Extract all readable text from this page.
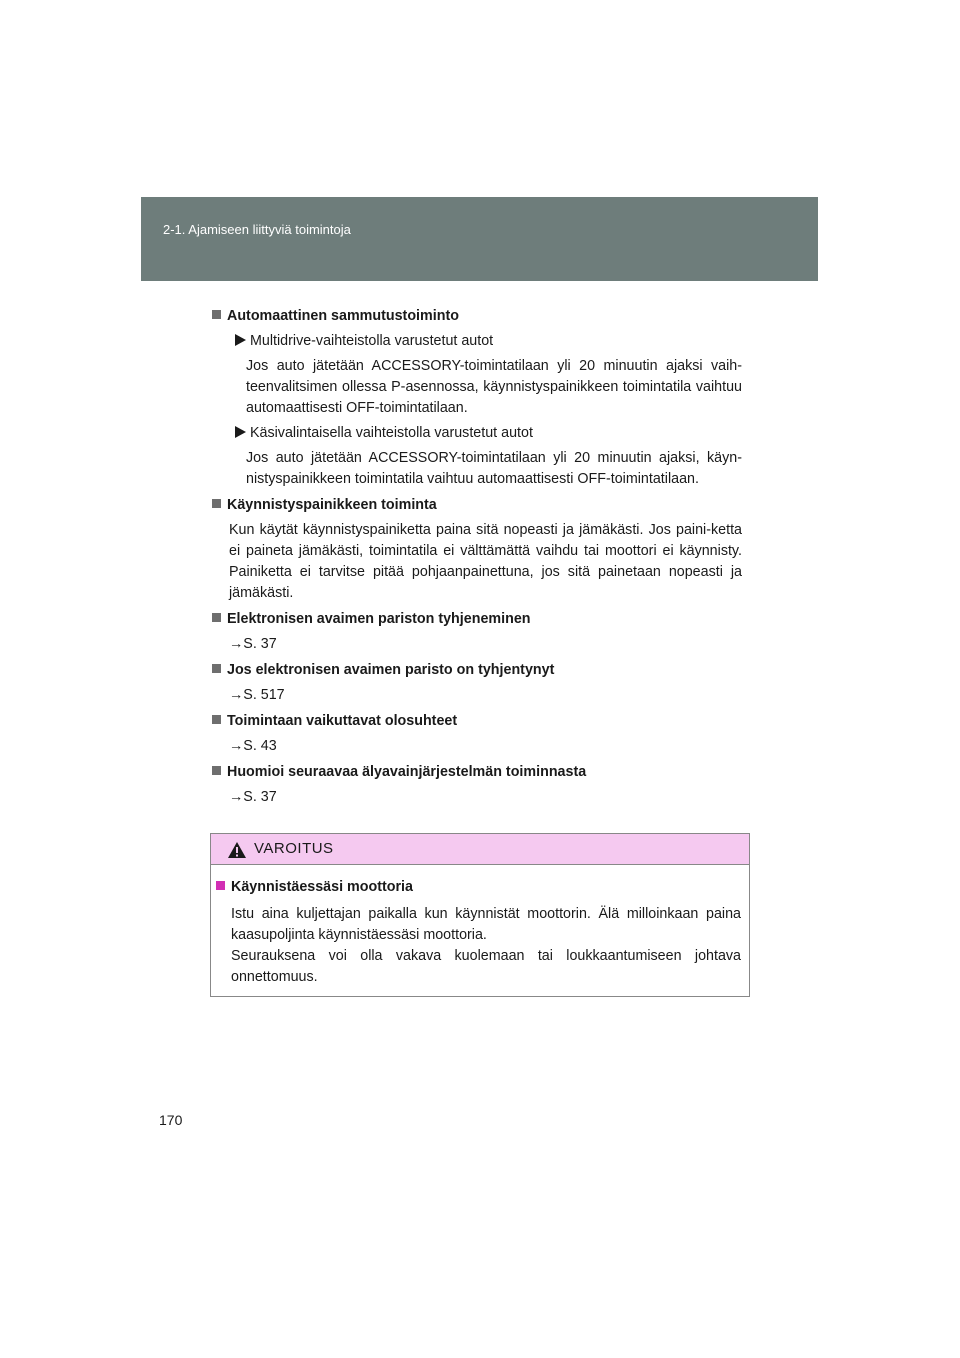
2-1. Ajamiseen liittyviä toimintoja
Automaattinen sammutustoiminto
Multidrive-vaihteistolla varustetut autot
Jos auto jätetään ACCESSORY-toimintatilaan yli 20 minuutin ajaksi vaih-teenvalitsimen ollessa P-asennossa, käynnistyspainikkeen toimintatila vaihtuu automaattisesti OFF-toimintatilaan.
Käsivalintaisella vaihteistolla varustetut autot
Jos auto jätetään ACCESSORY-toimintatilaan yli 20 minuutin ajaksi, käyn-nistyspainikkeen toimintatila vaihtuu automaattisesti OFF-toimintatilaan.
Käynnistyspainikkeen toiminta
Kun käytät käynnistyspainiketta paina sitä nopeasti ja jämäkästi. Jos paini-ketta ei paineta jämäkästi, toimintatila ei välttämättä vaihdu tai moottori ei käynnisty. Painiketta ei tarvitse pitää pohjaanpainettuna, jos sitä painetaan nopeasti ja jämäkästi.
Elektronisen avaimen pariston tyhjeneminen
→S. 37
Jos elektronisen avaimen paristo on tyhjentynyt
→S. 517
Toimintaan vaikuttavat olosuhteet
→S. 43
Huomioi seuraavaa älyavainjärjestelmän toiminnasta
→S. 37
VAROITUS
Käynnistäessäsi moottoria
Istu aina kuljettajan paikalla kun käynnistät moottorin. Älä milloinkaan paina kaasupoljinta käynnistäessäsi moottoria.
Seurauksena voi olla vakava kuolemaan tai loukkaantumiseen johtava onnettomuus.
170
